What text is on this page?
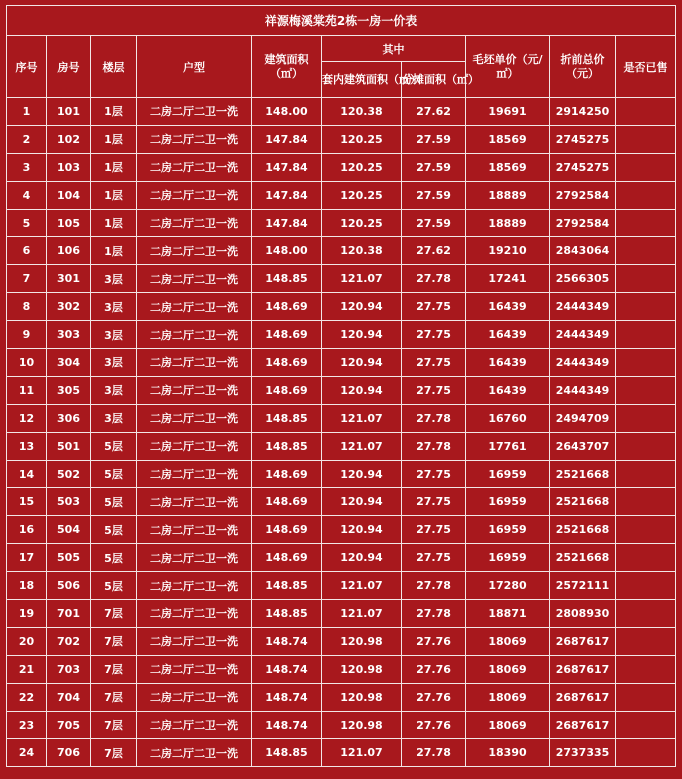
祥源梅溪棠苑2栋一房一价表									
序号	房号	楼层	户型	建筑面积（㎡）	其中		毛坯单价（元/㎡）	折前总价（元）	是否已售
					套内建筑面积（㎡）	分摊面积（㎡）			
1	101	1层	二房二厅二卫一洗	148.00	120.38	27.62	19691	2914250	
2	102	1层	二房二厅二卫一洗	147.84	120.25	27.59	18569	2745275	
3	103	1层	二房二厅二卫一洗	147.84	120.25	27.59	18569	2745275	
4	104	1层	二房二厅二卫一洗	147.84	120.25	27.59	18889	2792584	
5	105	1层	二房二厅二卫一洗	147.84	120.25	27.59	18889	2792584	
6	106	1层	二房二厅二卫一洗	148.00	120.38	27.62	19210	2843064	
7	301	3层	二房二厅二卫一洗	148.85	121.07	27.78	17241	2566305	
8	302	3层	二房二厅二卫一洗	148.69	120.94	27.75	16439	2444349	
9	303	3层	二房二厅二卫一洗	148.69	120.94	27.75	16439	2444349	
10	304	3层	二房二厅二卫一洗	148.69	120.94	27.75	16439	2444349	
11	305	3层	二房二厅二卫一洗	148.69	120.94	27.75	16439	2444349	
12	306	3层	二房二厅二卫一洗	148.85	121.07	27.78	16760	2494709	
13	501	5层	二房二厅二卫一洗	148.85	121.07	27.78	17761	2643707	
14	502	5层	二房二厅二卫一洗	148.69	120.94	27.75	16959	2521668	
15	503	5层	二房二厅二卫一洗	148.69	120.94	27.75	16959	2521668	
16	504	5层	二房二厅二卫一洗	148.69	120.94	27.75	16959	2521668	
17	505	5层	二房二厅二卫一洗	148.69	120.94	27.75	16959	2521668	
18	506	5层	二房二厅二卫一洗	148.85	121.07	27.78	17280	2572111	
19	701	7层	二房二厅二卫一洗	148.85	121.07	27.78	18871	2808930	
20	702	7层	二房二厅二卫一洗	148.74	120.98	27.76	18069	2687617	
21	703	7层	二房二厅二卫一洗	148.74	120.98	27.76	18069	2687617	
22	704	7层	二房二厅二卫一洗	148.74	120.98	27.76	18069	2687617	
23	705	7层	二房二厅二卫一洗	148.74	120.98	27.76	18069	2687617	
24	706	7层	二房二厅二卫一洗	148.85	121.07	27.78	18390	2737335	
